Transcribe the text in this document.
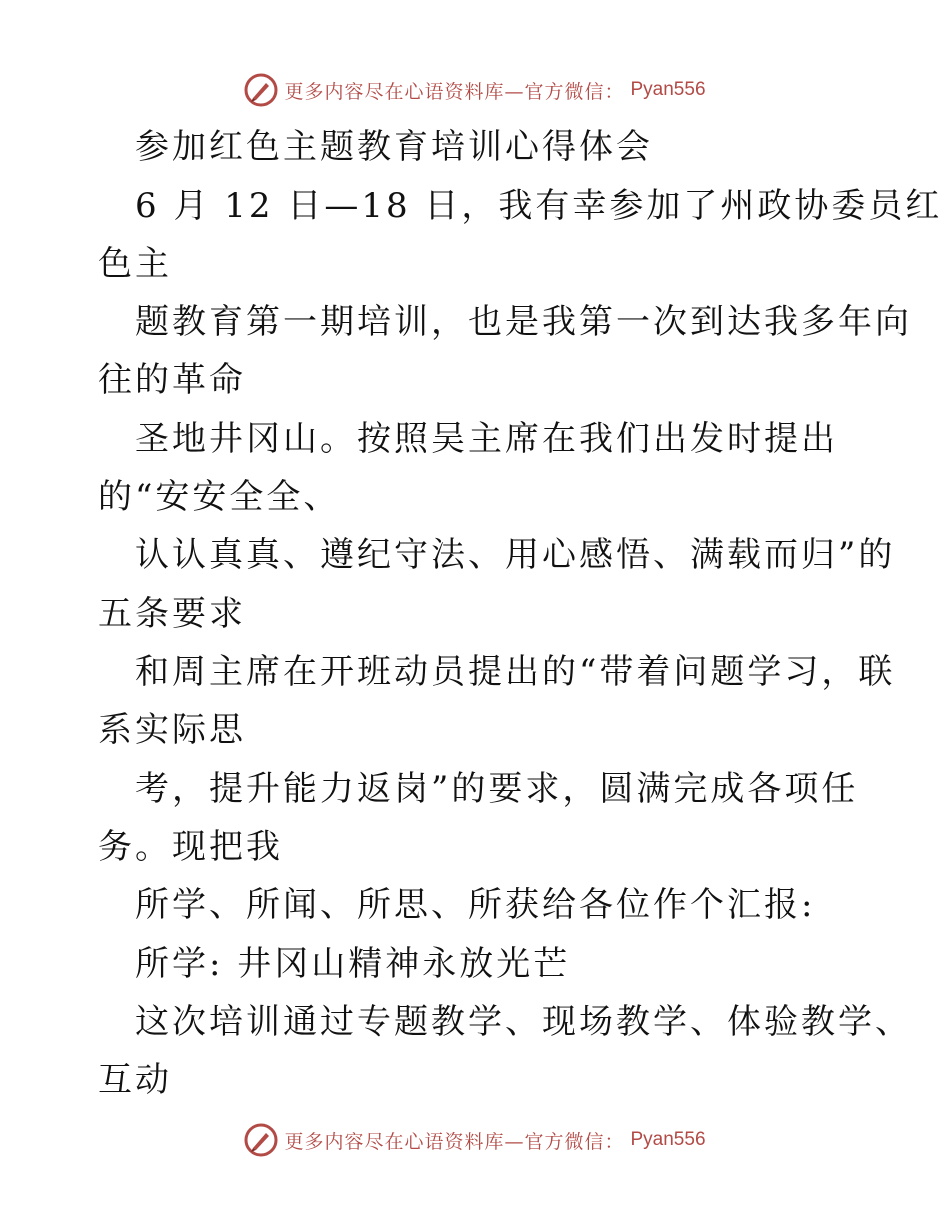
更多内容尽在心语资料库—官方微信： Pyan556
参加红色主题教育培训心得体会
6 月 12 日—18 日，我有幸参加了州政协委员红
色主
题教育第一期培训，也是我第一次到达我多年向
往的革命
圣地井冈山。按照吴主席在我们出发时提出
的“安安全全、
认认真真、遵纪守法、用心感悟、满载而归”的
五条要求
和周主席在开班动员提出的“带着问题学习，联
系实际思
考，提升能力返岗”的要求，圆满完成各项任
务。现把我
所学、所闻、所思、所获给各位作个汇报:
所学: 井冈山精神永放光芒
这次培训通过专题教学、现场教学、体验教学、
互动
更多内容尽在心语资料库—官方微信： Pyan556
